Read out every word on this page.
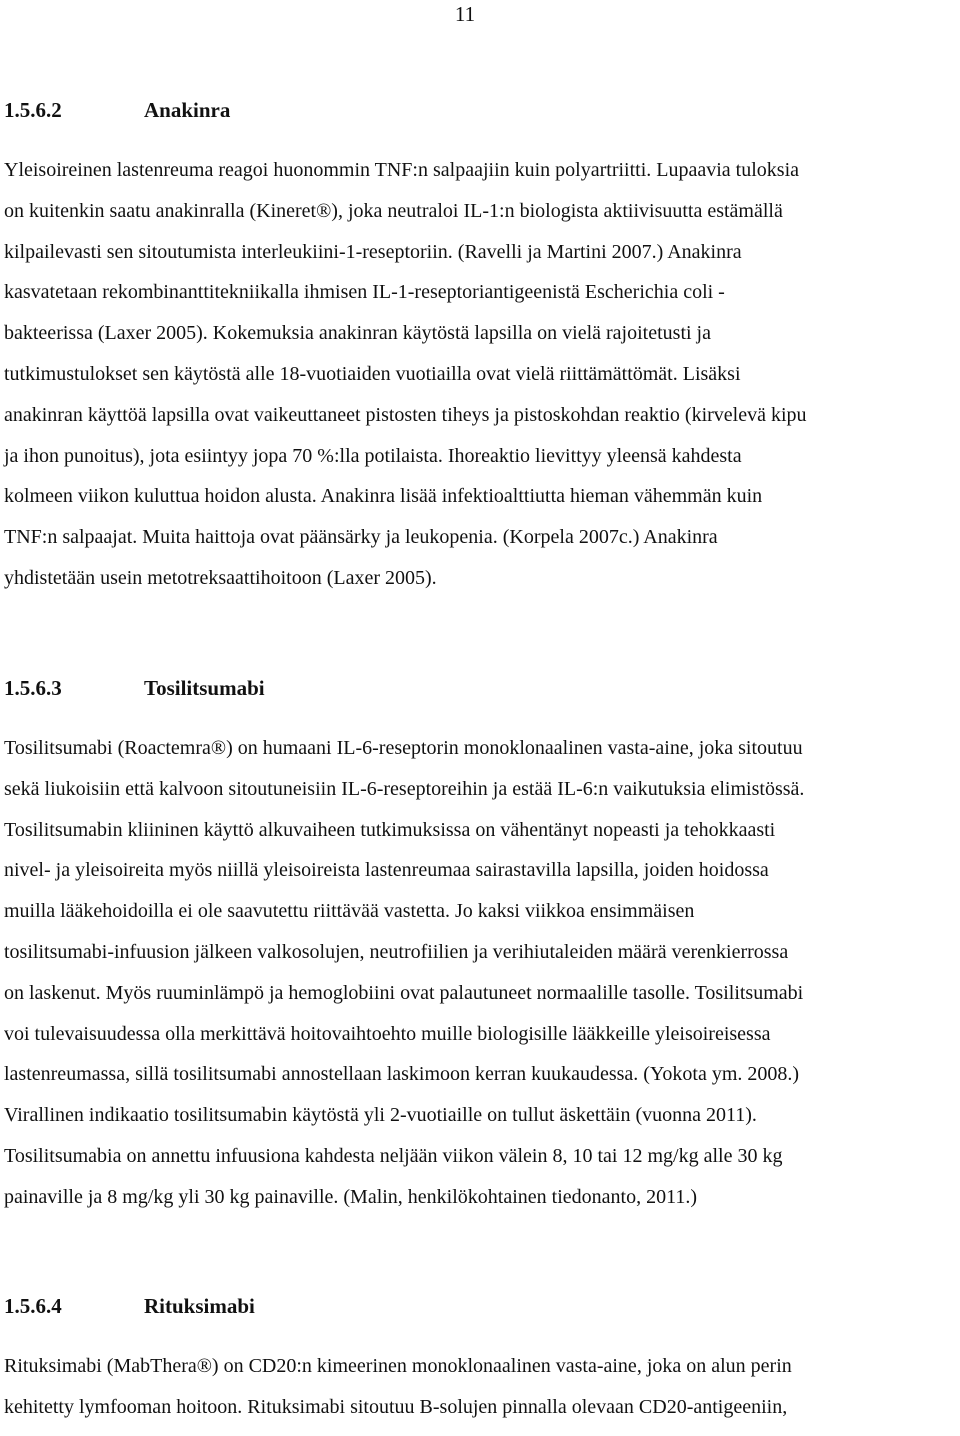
11
1.5.6.2	Anakinra
Yleisoireinen lastenreuma reagoi huonommin TNF:n salpaajiin kuin polyartriitti. Lupaavia tuloksia
on kuitenkin saatu anakinralla (Kineret®), joka neutraloi IL-1:n biologista aktiivisuutta estämällä
kilpailevasti sen sitoutumista interleukiini-1-reseptoriin. (Ravelli ja Martini 2007.) Anakinra
kasvatetaan rekombinanttitekniikalla ihmisen IL-1-reseptoriantigeenistä Escherichia coli -
bakteerissa (Laxer 2005). Kokemuksia anakinran käytöstä lapsilla on vielä rajoitetusti ja
tutkimustulokset sen käytöstä alle 18-vuotiaiden vuotiailla ovat vielä riittämättömät. Lisäksi
anakinran käyttöä lapsilla ovat vaikeuttaneet pistosten tiheys ja pistoskohdan reaktio (kirvelevä kipu
ja ihon punoitus), jota esiintyy jopa 70 %:lla potilaista. Ihoreaktio lievittyy yleensä kahdesta
kolmeen viikon kuluttua hoidon alusta. Anakinra lisää infektioalttiutta hieman vähemmän kuin
TNF:n salpaajat. Muita haittoja ovat päänsärky ja leukopenia. (Korpela 2007c.) Anakinra
yhdistetään usein metotreksaattihoitoon (Laxer 2005).
1.5.6.3	Tosilitsumabi
Tosilitsumabi (Roactemra®) on humaani IL-6-reseptorin monoklonaalinen vasta-aine, joka sitoutuu
sekä liukoisiin että kalvoon sitoutuneisiin IL-6-reseptoreihin ja estää IL-6:n vaikutuksia elimistössä.
Tosilitsumabin kliininen käyttö alkuvaiheen tutkimuksissa on vähentänyt nopeasti ja tehokkaasti
nivel- ja yleisoireita myös niillä yleisoireista lastenreumaa sairastavilla lapsilla, joiden hoidossa
muilla lääkehoidoilla ei ole saavutettu riittävää vastetta. Jo kaksi viikkoa ensimmäisen
tosilitsumabi-infuusion jälkeen valkosolujen, neutrofiilien ja verihiutaleiden määrä verenkierrossa
on laskenut. Myös ruuminlämpö ja hemoglobiini ovat palautuneet normaalille tasolle. Tosilitsumabi
voi tulevaisuudessa olla merkittävä hoitovaihtoehto muille biologisille lääkkeille yleisoireisessa
lastenreumassa, sillä tosilitsumabi annostellaan laskimoon kerran kuukaudessa. (Yokota ym. 2008.)
Virallinen indikaatio tosilitsumabin käytöstä yli 2-vuotiaille on tullut äskettäin (vuonna 2011).
Tosilitsumabia on annettu infuusiona kahdesta neljään viikon välein 8, 10 tai 12 mg/kg alle 30 kg
painaville ja 8 mg/kg yli 30 kg painaville. (Malin, henkilökohtainen tiedonanto, 2011.)
1.5.6.4	Rituksimabi
Rituksimabi (MabThera®) on CD20:n kimeerinen monoklonaalinen vasta-aine, joka on alun perin
kehitetty lymfooman hoitoon. Rituksimabi sitoutuu B-solujen pinnalla olevaan CD20-antigeeniin,
